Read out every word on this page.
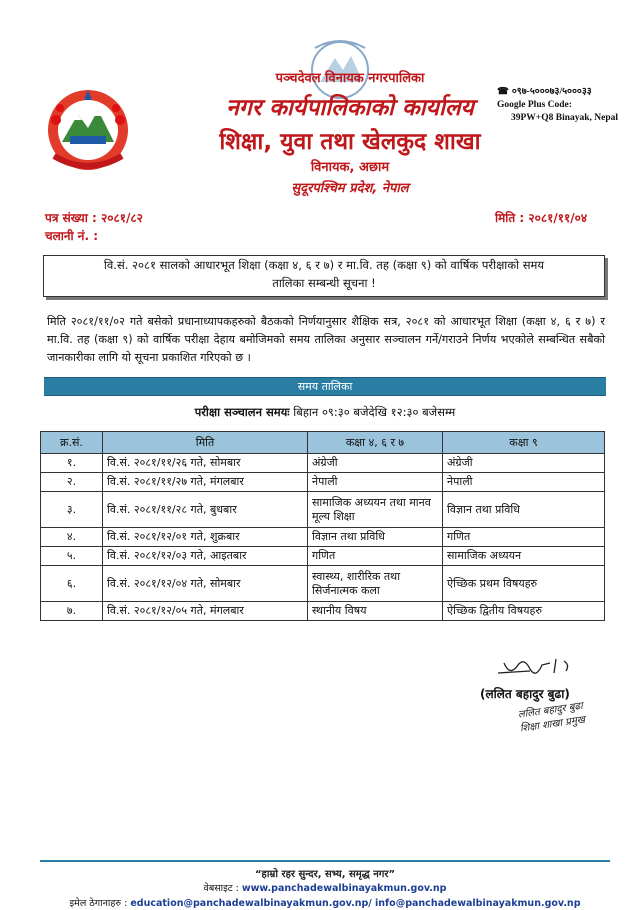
पञ्चदेवल विनायक नगरपालिका
नगर कार्यपालिकाको कार्यालय
शिक्षा, युवा तथा खेलकुद शाखा
विनायक, अछाम
सुदूरपश्चिम प्रदेश, नेपाल
☎ ०९७-५०००७३/५०००३३
Google Plus Code:
39PW+Q8 Binayak, Nepal
पत्र संख्या : २०८१/८२
चलानी नं. :
मिति : २०८१/११/०४
वि.सं. २०८१ सालको आधारभूत शिक्षा (कक्षा ४, ६ र ७) र मा.वि. तह (कक्षा ९) को वार्षिक परीक्षाको समय
तालिका सम्बन्धी सूचना !
मिति २०८१/११/०२ गते बसेको प्रधानाध्यापकहरुको बैठकको निर्णयानुसार शैक्षिक सत्र, २०८१ को आधारभूत शिक्षा (कक्षा ४, ६ र ७) र मा.वि. तह (कक्षा ९) को वार्षिक परीक्षा देहाय बमोजिमको समय तालिका अनुसार सञ्चालन गर्ने/गराउने निर्णय भएकोले सम्बन्धित सबैको जानकारीका लागि यो सूचना प्रकाशित गरिएको छ ।
समय तालिका
परीक्षा सञ्चालन समयः बिहान ०९:३० बजेदेखि १२:३० बजेसम्म
क्र.सं.	मिति	कक्षा ४, ६ र ७	कक्षा ९
१.	वि.सं. २०८१/११/२६ गते, सोमबार	अंग्रेजी	अंग्रेजी
२.	वि.सं. २०८१/११/२७ गते, मंगलबार	नेपाली	नेपाली
३.	वि.सं. २०८१/११/२८ गते, बुधबार	सामाजिक अध्ययन तथा मानव मूल्य शिक्षा	विज्ञान तथा प्रविधि
४.	वि.सं. २०८१/१२/०१ गते, शुक्रबार	विज्ञान तथा प्रविधि	गणित
५.	वि.सं. २०८१/१२/०३ गते, आइतबार	गणित	सामाजिक अध्ययन
६.	वि.सं. २०८१/१२/०४ गते, सोमबार	स्वास्थ्य, शारीरिक तथा सिर्जनात्मक कला	ऐच्छिक प्रथम विषयहरु
७.	वि.सं. २०८१/१२/०५ गते, मंगलबार	स्थानीय विषय	ऐच्छिक द्वितीय विषयहरु
(ललित बहादुर बुढा)
ललित बहादुर बुढा
शिक्षा शाखा प्रमुख
“हाम्रो रहर सुन्दर, सभ्य, समृद्ध नगर”
वेबसाइट : www.panchadewalbinayakmun.gov.np
इमेल ठेगानाहरु : education@panchadewalbinayakmun.gov.np/ info@panchadewalbinayakmun.gov.np
